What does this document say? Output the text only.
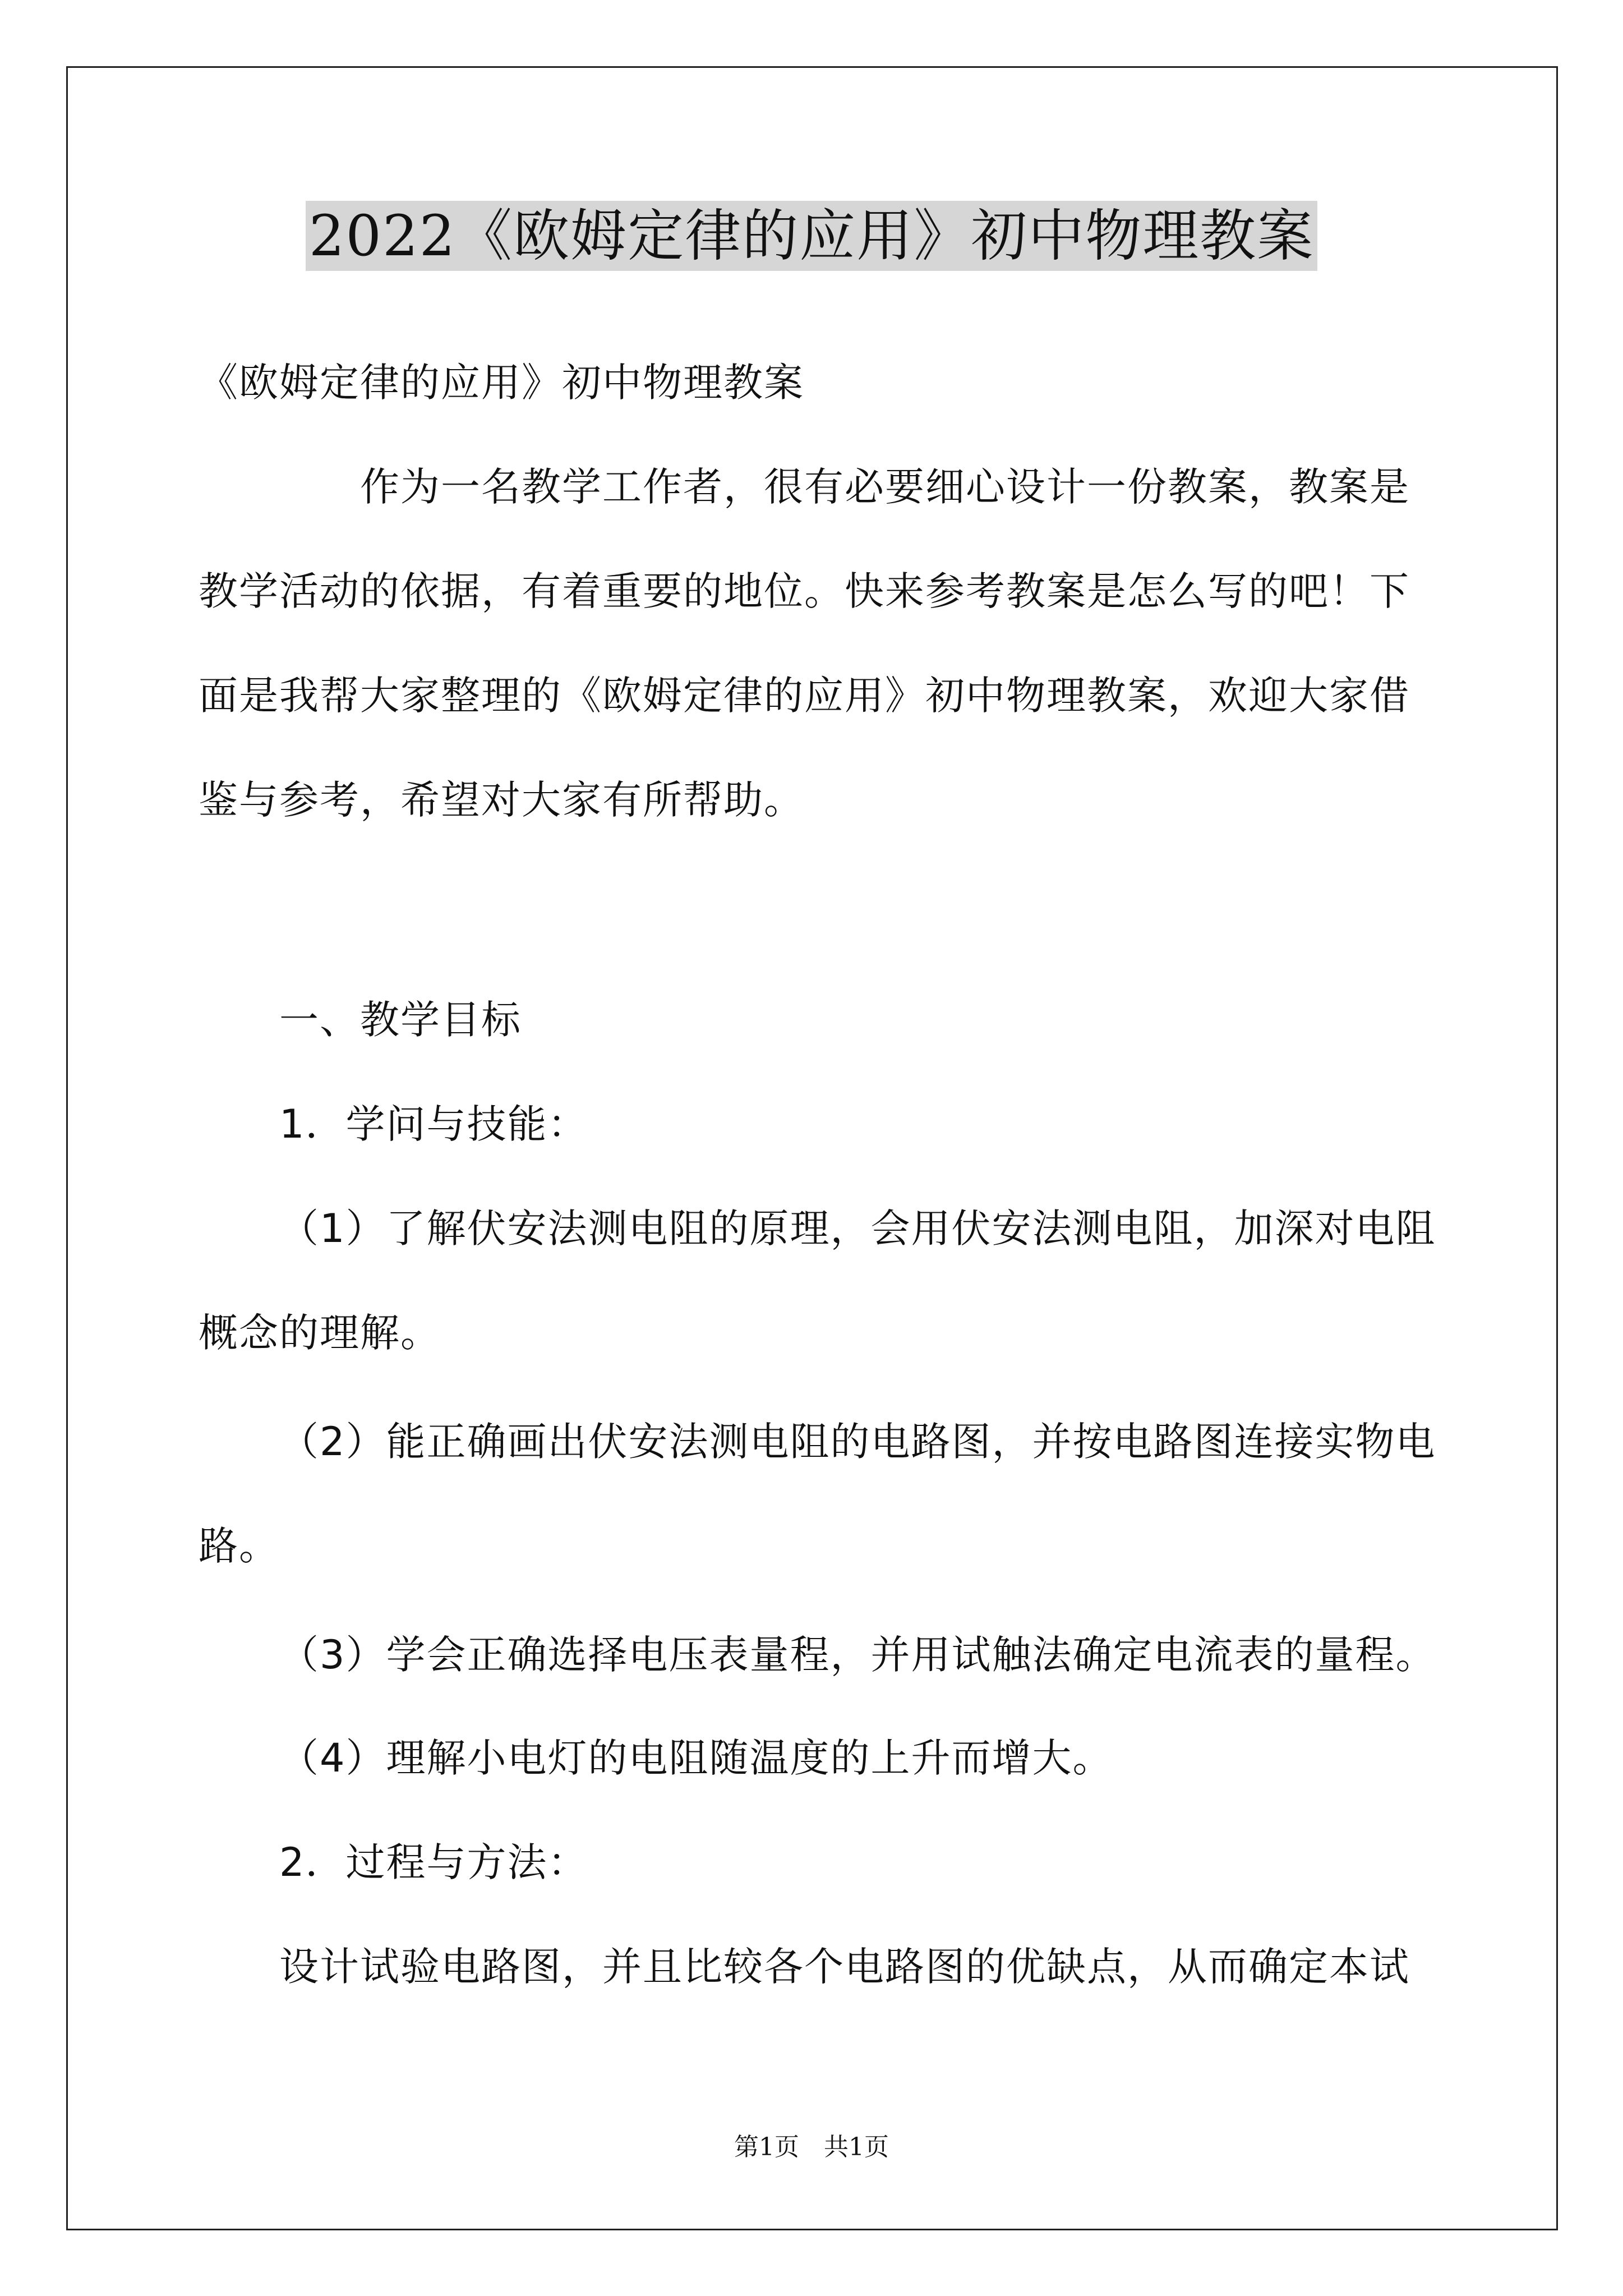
2022《欧姆定律的应用》初中物理教案
《欧姆定律的应用》初中物理教案
　　作为一名教学工作者，很有必要细心设计一份教案，教案是
教学活动的依据，有着重要的地位。快来参考教案是怎么写的吧！下
面是我帮大家整理的《欧姆定律的应用》初中物理教案，欢迎大家借
鉴与参考，希望对大家有所帮助。
一、教学目标
1．学问与技能：
（1）了解伏安法测电阻的原理，会用伏安法测电阻，加深对电阻
概念的理解。
（2）能正确画出伏安法测电阻的电路图，并按电路图连接实物电
路。
（3）学会正确选择电压表量程，并用试触法确定电流表的量程。
（4）理解小电灯的电阻随温度的上升而增大。
2．过程与方法：
设计试验电路图，并且比较各个电路图的优缺点，从而确定本试
第1页　共1页
